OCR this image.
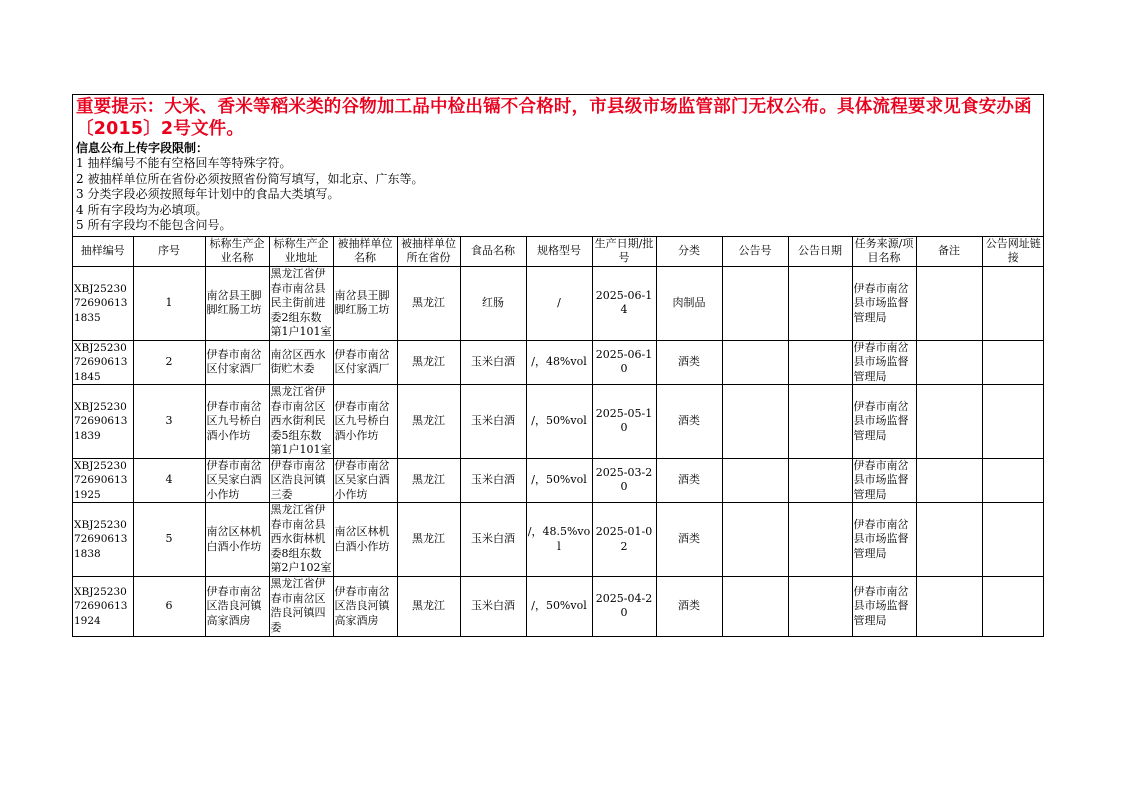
重要提示：大米、香米等稻米类的谷物加工品中检出镉不合格时，市县级市场监管部门无权公布。具体流程要求见食安办函〔2015〕2号文件。
信息公布上传字段限制：
1 抽样编号不能有空格回车等特殊字符。
2 被抽样单位所在省份必须按照省份简写填写，如北京、广东等。
3 分类字段必须按照每年计划中的食品大类填写。
4 所有字段均为必填项。
5 所有字段均不能包含问号。
抽样编号	序号	标称生产企业名称	标称生产企业地址	被抽样单位名称	被抽样单位所在省份	食品名称	规格型号	生产日期/批号	分类	公告号	公告日期	任务来源/项目名称	备注	公告网址链接
XBJ25230726906131835	1	南岔县王脚脚红肠工坊	黑龙江省伊春市南岔县民主街前进委2组东数第1户101室	南岔县王脚脚红肠工坊	黑龙江	红肠	/	2025-06-14	肉制品			伊春市南岔县市场监督管理局		
XBJ25230726906131845	2	伊春市南岔区付家酒厂	南岔区西水街贮木委	伊春市南岔区付家酒厂	黑龙江	玉米白酒	/，48%vol	2025-06-10	酒类			伊春市南岔县市场监督管理局		
XBJ25230726906131839	3	伊春市南岔区九号桥白酒小作坊	黑龙江省伊春市南岔区西水街利民委5组东数第1户101室	伊春市南岔区九号桥白酒小作坊	黑龙江	玉米白酒	/，50%vol	2025-05-10	酒类			伊春市南岔县市场监督管理局		
XBJ25230726906131925	4	伊春市南岔区吴家白酒小作坊	伊春市南岔区浩良河镇三委	伊春市南岔区吴家白酒小作坊	黑龙江	玉米白酒	/，50%vol	2025-03-20	酒类			伊春市南岔县市场监督管理局		
XBJ25230726906131838	5	南岔区林机白酒小作坊	黑龙江省伊春市南岔县西水街林机委8组东数第2户102室	南岔区林机白酒小作坊	黑龙江	玉米白酒	/，48.5%vol	2025-01-02	酒类			伊春市南岔县市场监督管理局		
XBJ25230726906131924	6	伊春市南岔区浩良河镇高家酒房	黑龙江省伊春市南岔区浩良河镇四委	伊春市南岔区浩良河镇高家酒房	黑龙江	玉米白酒	/，50%vol	2025-04-20	酒类			伊春市南岔县市场监督管理局		
